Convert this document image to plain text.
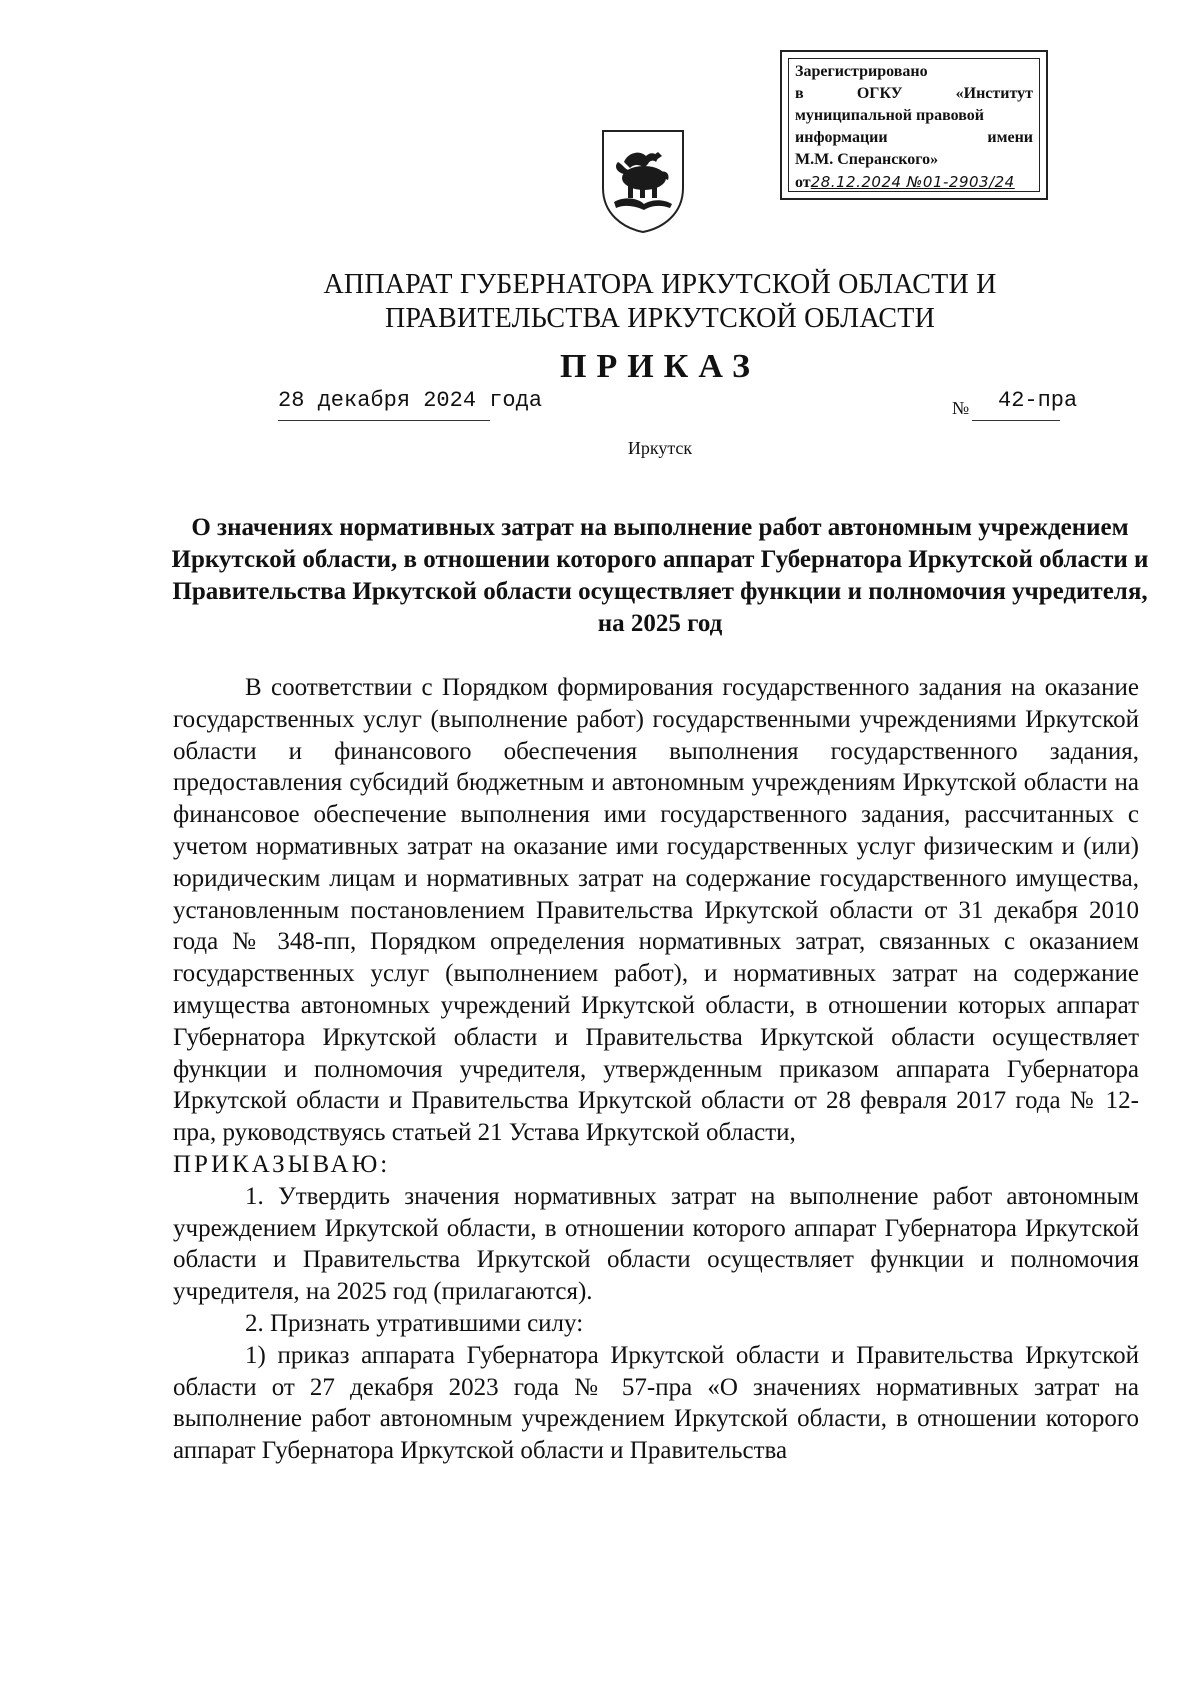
Зарегистрировано
в	ОГКУ	«Институт
муниципальной правовой
информации	имени
М.М. Сперанского»
от28.12.2024 №01-2903/24
АППАРАТ ГУБЕРНАТОРА ИРКУТСКОЙ ОБЛАСТИ И
ПРАВИТЕЛЬСТВА ИРКУТСКОЙ ОБЛАСТИ
ПРИКАЗ
28 декабря 2024 года	№ 42-пра
Иркутск
О значениях нормативных затрат на выполнение работ автономным учреждением Иркутской области, в отношении которого аппарат Губернатора Иркутской области и Правительства Иркутской области осуществляет функции и полномочия учредителя, на 2025 год

В соответствии с Порядком формирования государственного задания на оказание государственных услуг (выполнение работ) государственными учреждениями Иркутской области и финансового обеспечения выполнения государственного задания, предоставления субсидий бюджетным и автономным учреждениям Иркутской области на финансовое обеспечение выполнения ими государственного задания, рассчитанных с учетом нормативных затрат на оказание ими государственных услуг физическим и (или) юридическим лицам и нормативных затрат на содержание государственного имущества, установленным постановлением Правительства Иркутской области от 31 декабря 2010 года № 348-пп, Порядком определения нормативных затрат, связанных с оказанием государственных услуг (выполнением работ), и нормативных затрат на содержание имущества автономных учреждений Иркутской области, в отношении которых аппарат Губернатора Иркутской области и Правительства Иркутской области осуществляет функции и полномочия учредителя, утвержденным приказом аппарата Губернатора Иркутской области и Правительства Иркутской области от 28 февраля 2017 года № 12-пра, руководствуясь статьей 21 Устава Иркутской области,

ПРИКАЗЫВАЮ:

1. Утвердить значения нормативных затрат на выполнение работ автономным учреждением Иркутской области, в отношении которого аппарат Губернатора Иркутской области и Правительства Иркутской области осуществляет функции и полномочия учредителя, на 2025 год (прилагаются).

2. Признать утратившими силу:

1) приказ аппарата Губернатора Иркутской области и Правительства Иркутской области от 27 декабря 2023 года № 57-пра «О значениях нормативных затрат на выполнение работ автономным учреждением Иркутской области, в отношении которого аппарат Губернатора Иркутской области и Правительства
